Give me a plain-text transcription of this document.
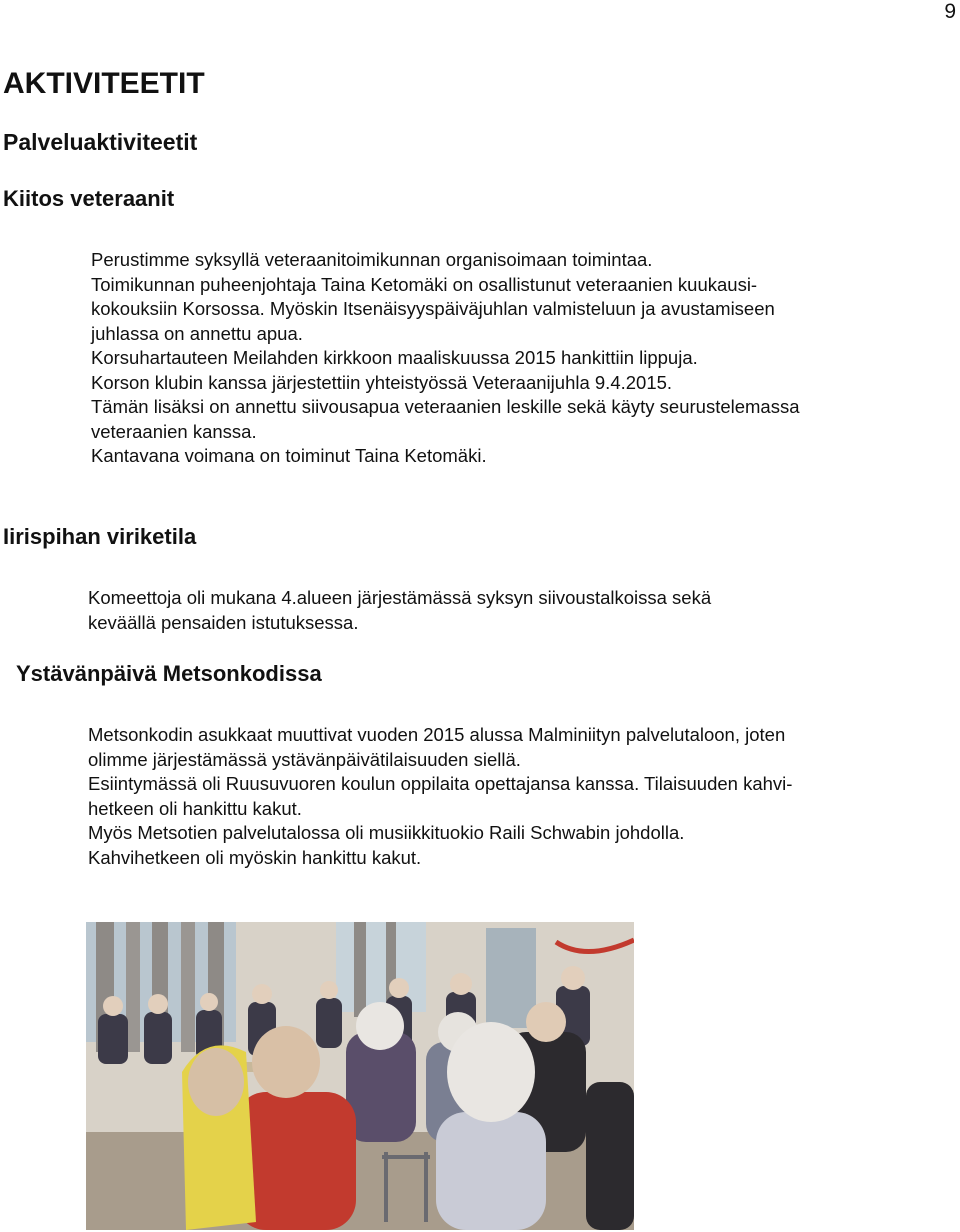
9
AKTIVITEETIT
Palveluaktiviteetit
Kiitos veteraanit
Perustimme syksyllä veteraanitoimikunnan organisoimaan toimintaa.
Toimikunnan puheenjohtaja Taina Ketomäki on osallistunut veteraanien kuukausi-
kokouksiin Korsossa. Myöskin Itsenäisyyspäiväjuhlan valmisteluun ja avustamiseen
juhlassa on annettu apua.
Korsuhartauteen Meilahden kirkkoon maaliskuussa 2015 hankittiin lippuja.
Korson klubin kanssa järjestettiin yhteistyössä Veteraanijuhla 9.4.2015.
Tämän lisäksi on annettu siivousapua veteraanien leskille sekä käyty seurustelemassa
veteraanien kanssa.
Kantavana voimana on toiminut Taina Ketomäki.
Iirispihan viriketila
Komeettoja oli mukana 4.alueen järjestämässä syksyn siivoustalkoissa sekä
keväällä pensaiden istutuksessa.
Ystävänpäivä Metsonkodissa
Metsonkodin asukkaat muuttivat vuoden 2015 alussa Malminiityn palvelutaloon, joten
olimme järjestämässä ystävänpäivätilaisuuden siellä.
Esiintymässä oli Ruusuvuoren koulun oppilaita opettajansa kanssa. Tilaisuuden kahvi-
hetkeen oli hankittu kakut.
Myös Metsotien palvelutalossa oli musiikkituokio Raili Schwabin johdolla.
Kahvihetkeen oli myöskin hankittu kakut.
